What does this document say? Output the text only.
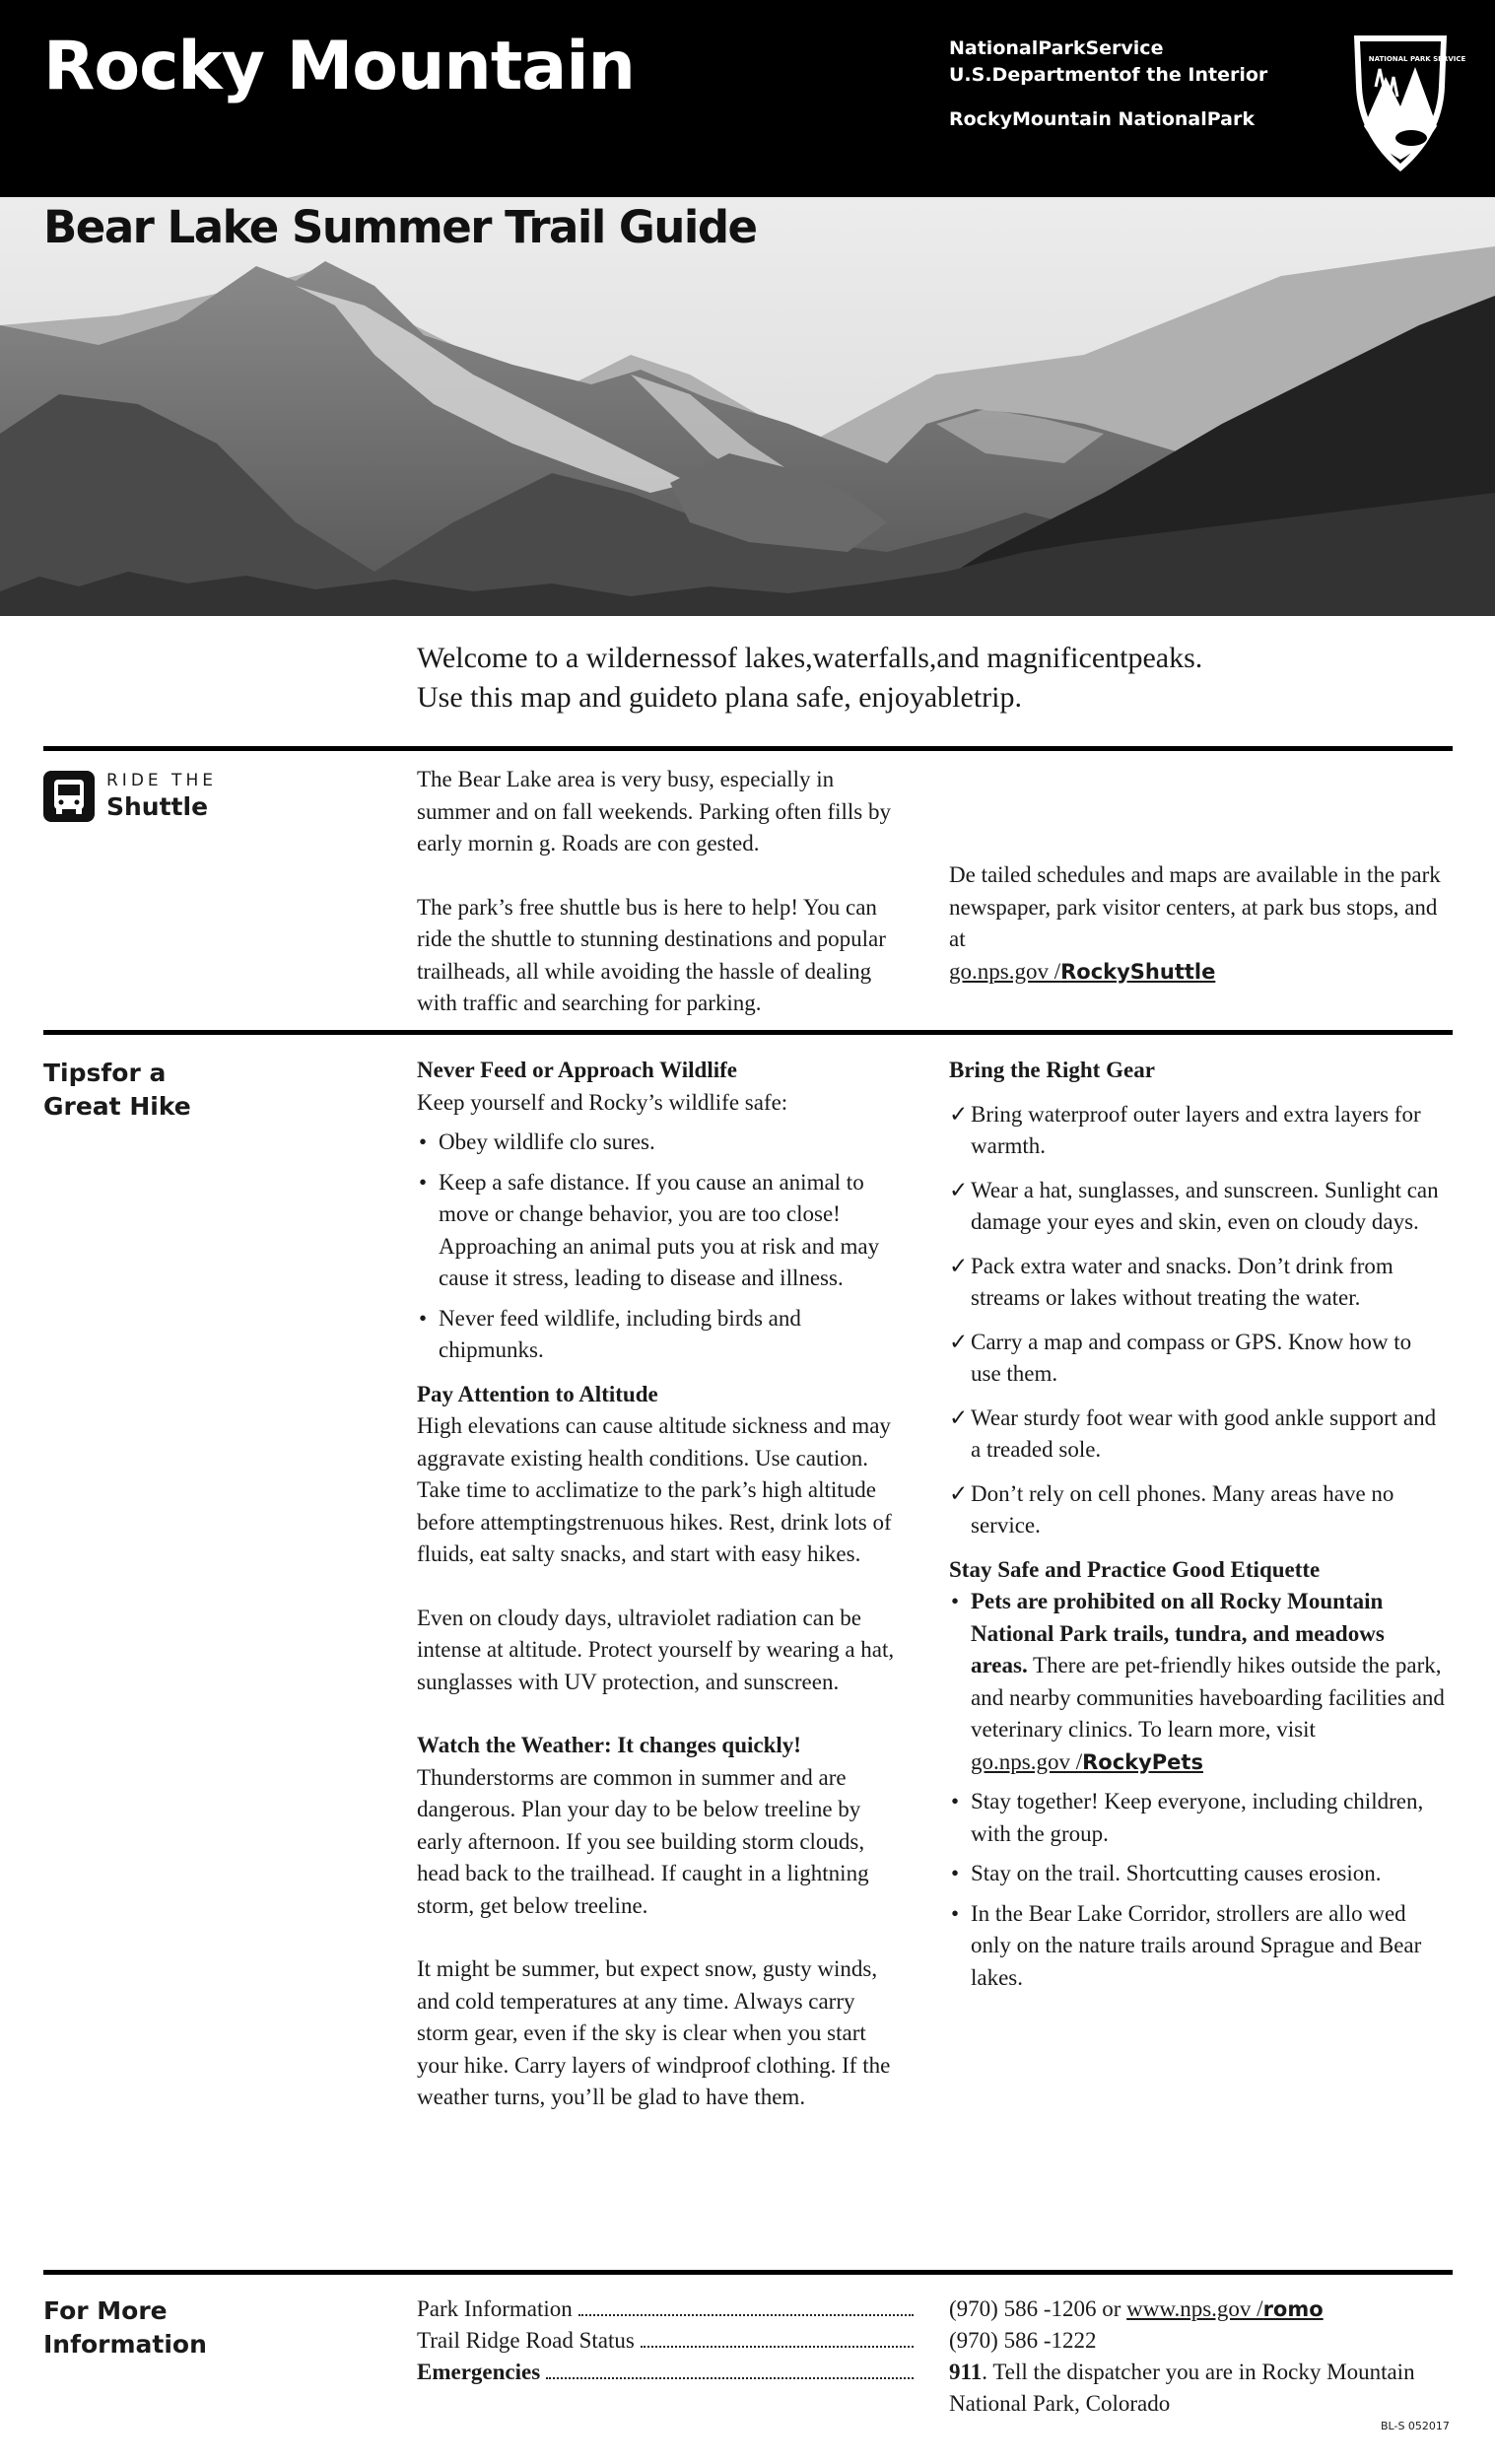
Rocky Mountain	NationalParkService
U.S.Departmentof the Interior
RockyMountain NationalPark
NATIONAL PARK SERVICE
Bear Lake Summer Trail Guide
Welcome to a wildernessof lakes,waterfalls,and magnificentpeaks.
Use this map and guideto plana safe, enjoyabletrip.
RIDE THE
Shuttle

The Bear Lake area is very busy, especially in summer and on fall weekends. Parking often fills by early mornin g. Roads are con gested.

The park’s free shuttle bus is here to help! You can ride the shuttle to stunning destinations and popular trailheads, all while avoiding the hassle of dealing with traffic and searching for parking.

De tailed schedules and maps are available in the park newspaper, park visitor centers, at park bus stops, and at

go.nps.gov /RockyShuttle

Tipsfor a
Great Hike
Never Feed or Approach Wildlife

Keep yourself and Rocky’s wildlife safe:

• Obey wildlife clo sures.
• Keep a safe distance. If you cause an animal to move or change behavior, you are too close! Approaching an animal puts you at risk and may cause it stress, leading to disease and illness.
• Never feed wildlife, including birds and chipmunks.
Pay Attention to Altitude

High elevations can cause altitude sickness and may aggravate existing health conditions. Use caution. Take time to acclimatize to the park’s high altitude before attemptingstrenuous hikes. Rest, drink lots of fluids, eat salty snacks, and start with easy hikes.

Even on cloudy days, ultraviolet radiation can be intense at altitude. Protect yourself by wearing a hat, sunglasses with UV protection, and sunscreen.

Watch the Weather: It changes quickly!

Thunderstorms are common in summer and are dangerous. Plan your day to be below treeline by early afternoon. If you see building storm clouds, head back to the trailhead. If caught in a lightning storm, get below treeline.

It might be summer, but expect snow, gusty winds, and cold temperatures at any time. Always carry storm gear, even if the sky is clear when you start your hike. Carry layers of windproof clothing. If the weather turns, you’ll be glad to have them.

Bring the Right Gear
✓ Bring waterproof outer layers and extra layers for warmth.
✓ Wear a hat, sunglasses, and sunscreen. Sunlight can damage your eyes and skin, even on cloudy days.
✓ Pack extra water and snacks. Don’t drink from streams or lakes without treating the water.
✓ Carry a map and compass or GPS. Know how to use them.
✓ Wear sturdy foot wear with good ankle support and a treaded sole.
✓ Don’t rely on cell phones. Many areas have no service.
Stay Safe and Practice Good Etiquette
• Pets are prohibited on all Rocky Mountain National Park trails, tundra, and meadows areas. There are pet-friendly hikes outside the park, and nearby communities haveboarding facilities and veterinary clinics. To learn more, visit
go.nps.gov /RockyPets
• Stay together! Keep everyone, including children, with the group.
• Stay on the trail. Shortcutting causes erosion.
• In the Bear Lake Corridor, strollers are allo wed only on the nature trails around Sprague and Bear lakes.
For More
Information
Park Information
Trail Ridge Road Status
Emergencies

(970) 586 -1206 or www.nps.gov /romo

(970) 586 -1222

911. Tell the dispatcher you are in Rocky Mountain National Park, Colorado

BL-S 052017
